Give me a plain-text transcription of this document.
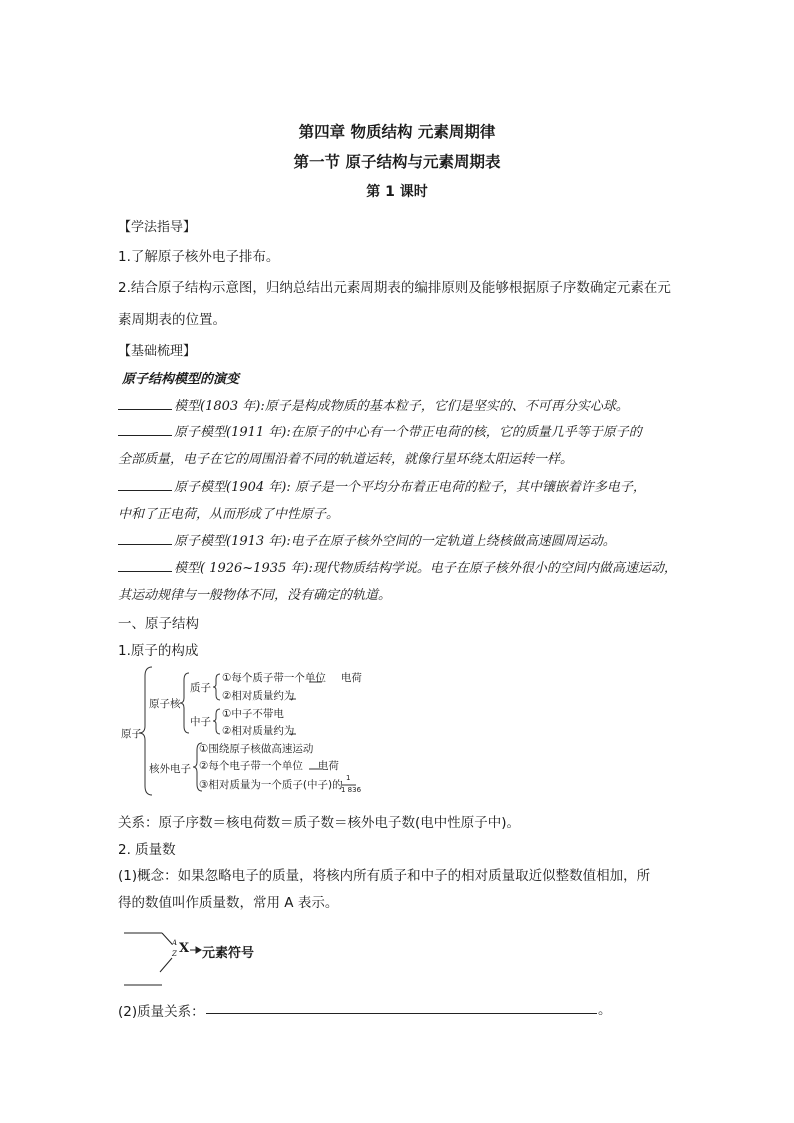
第四章 物质结构 元素周期律
第一节 原子结构与元素周期表
第 1 课时
【学法指导】
1.了解原子核外电子排布。
2.结合原子结构示意图，归纳总结出元素周期表的编排原则及能够根据原子序数确定元素在元
素周期表的位置。
【基础梳理】
原子结构模型的演变
模型(1803 年):原子是构成物质的基本粒子，它们是坚实的、不可再分实心球。
原子模型(1911 年):在原子的中心有一个带正电荷的核，它的质量几乎等于原子的
全部质量，电子在它的周围沿着不同的轨道运转，就像行星环绕太阳运转一样。
原子模型(1904 年): 原子是一个平均分布着正电荷的粒子，其中镶嵌着许多电子，
中和了正电荷，从而形成了中性原子。
原子模型(1913 年):电子在原子核外空间的一定轨道上绕核做高速圆周运动。
模型( 1926~1935 年):现代物质结构学说。电子在原子核外很小的空间内做高速运动，
其运动规律与一般物体不同，没有确定的轨道。
一、原子结构
1.原子的构成
原子
原子核
质子
①每个质子带一个单位 电荷
②相对质量约为
中子
①中子不带电
②相对质量约为
核外电子
①围绕原子核做高速运动
②每个电子带一个单位 电荷
③相对质量为一个质子(中子)的
1
1 836
关系：原子序数＝核电荷数＝质子数＝核外电子数(电中性原子中)。
2. 质量数
(1)概念：如果忽略电子的质量，将核内所有质子和中子的相对质量取近似整数值相加，所
得的数值叫作质量数，常用 A 表示。
A
Z X 元素符号
(2)质量关系：	。
